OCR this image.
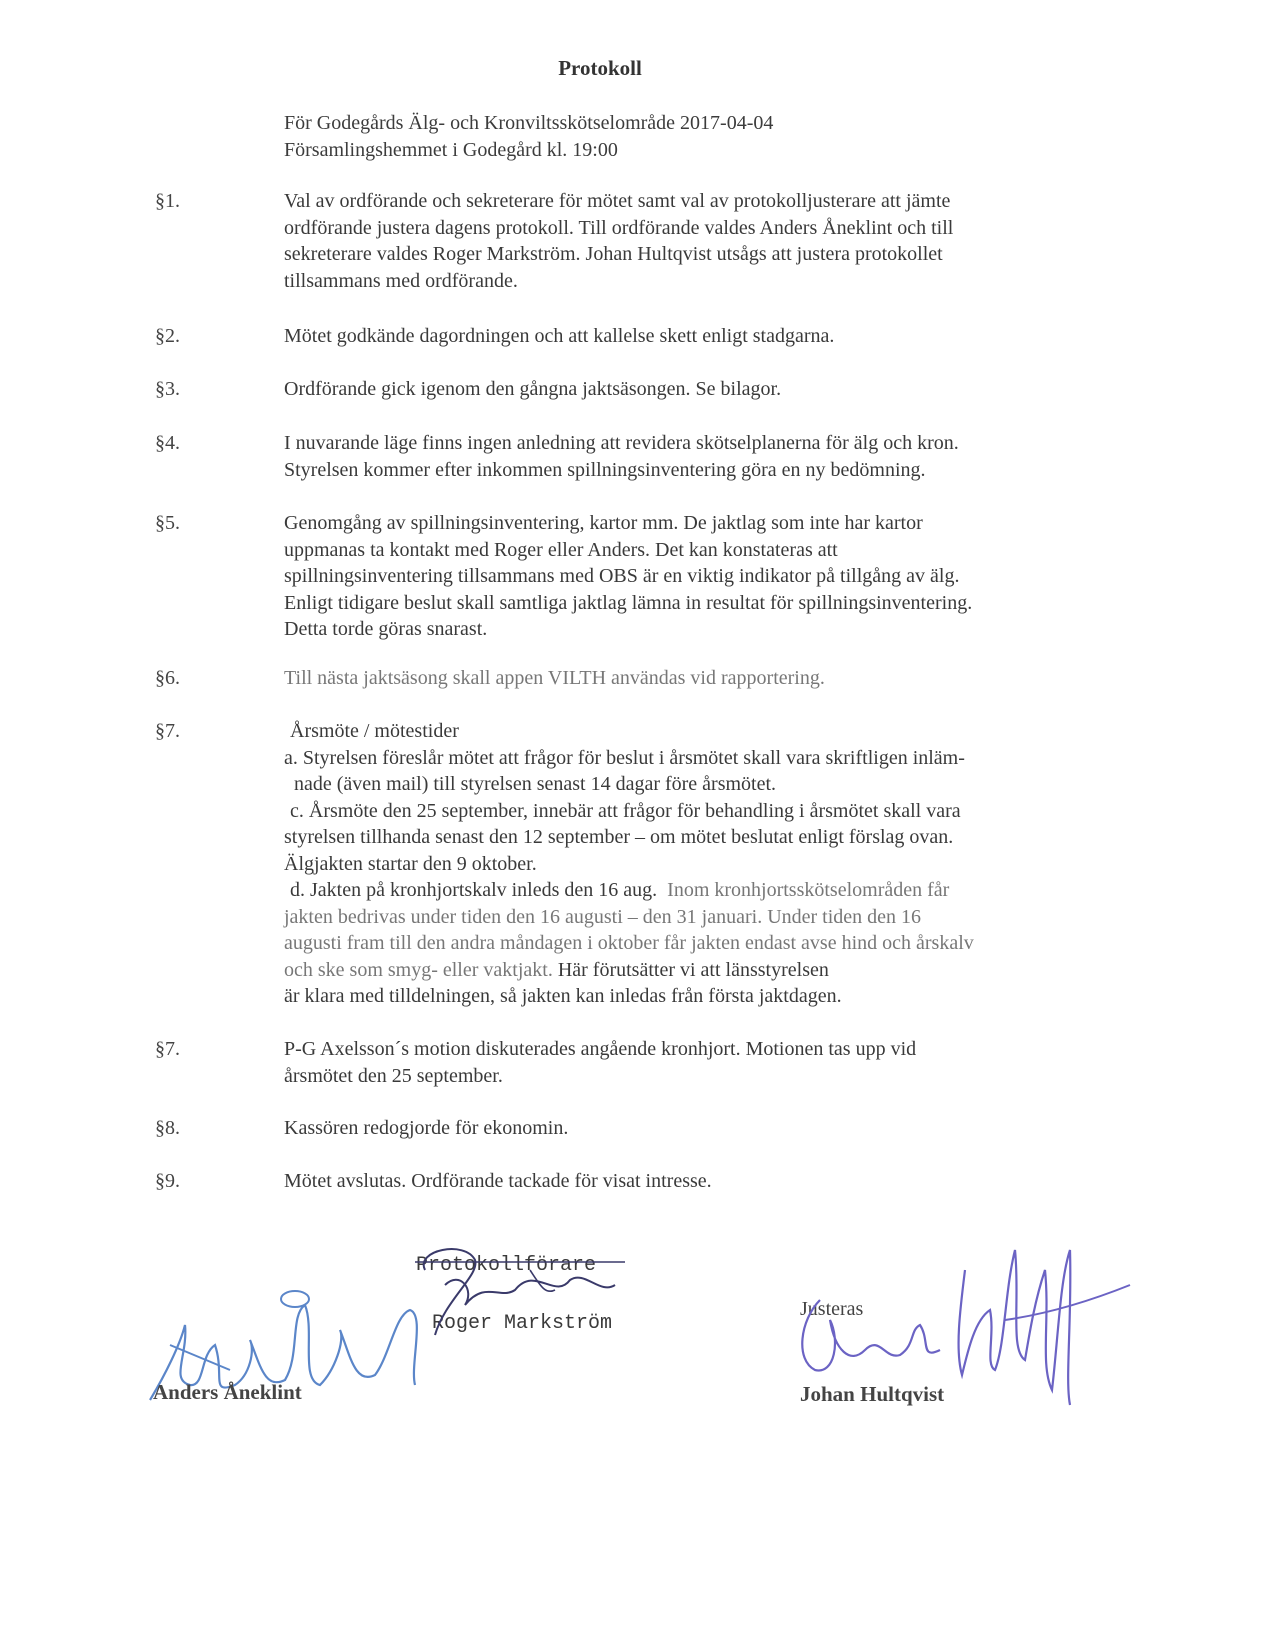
Protokoll
För Godegårds Älg- och Kronviltsskötselområde 2017-04-04
Församlingshemmet i Godegård kl. 19:00
§1.	Val av ordförande och sekreterare för mötet samt val av protokolljusterare att jämte
ordförande justera dagens protokoll. Till ordförande valdes Anders Åneklint och till
sekreterare valdes Roger Markström. Johan Hultqvist utsågs att justera protokollet
tillsammans med ordförande.
§2.	Mötet godkände dagordningen och att kallelse skett enligt stadgarna.
§3.	Ordförande gick igenom den gångna jaktsäsongen. Se bilagor.
§4.	I nuvarande läge finns ingen anledning att revidera skötselplanerna för älg och kron.
Styrelsen kommer efter inkommen spillningsinventering göra en ny bedömning.
§5.	Genomgång av spillningsinventering, kartor mm. De jaktlag som inte har kartor
uppmanas ta kontakt med Roger eller Anders. Det kan konstateras att
spillningsinventering tillsammans med OBS är en viktig indikator på tillgång av älg.
Enligt tidigare beslut skall samtliga jaktlag lämna in resultat för spillningsinventering.
Detta torde göras snarast.
§6.	Till nästa jaktsäsong skall appen VILTH användas vid rapportering.
§7.	Årsmöte / mötestider
a. Styrelsen föreslår mötet att frågor för beslut i årsmötet skall vara skriftligen inläm-
nade (även mail) till styrelsen senast 14 dagar före årsmötet.
c. Årsmöte den 25 september, innebär att frågor för behandling i årsmötet skall vara
styrelsen tillhanda senast den 12 september – om mötet beslutat enligt förslag ovan.
Älgjakten startar den 9 oktober.
d. Jakten på kronhjortskalv inleds den 16 aug. Inom kronhjortsskötselområden får
jakten bedrivas under tiden den 16 augusti – den 31 januari. Under tiden den 16
augusti fram till den andra måndagen i oktober får jakten endast avse hind och årskalv
och ske som smyg- eller vaktjakt. Här förutsätter vi att länsstyrelsen
är klara med tilldelningen, så jakten kan inledas från första jaktdagen.
§7.	P-G Axelsson´s motion diskuterades angående kronhjort. Motionen tas upp vid
årsmötet den 25 september.
§8.	Kassören redogjorde för ekonomin.
§9.	Mötet avslutas. Ordförande tackade för visat intresse.
Protokollförare
Roger Markström
Anders Åneklint
Justeras
Johan Hultqvist
